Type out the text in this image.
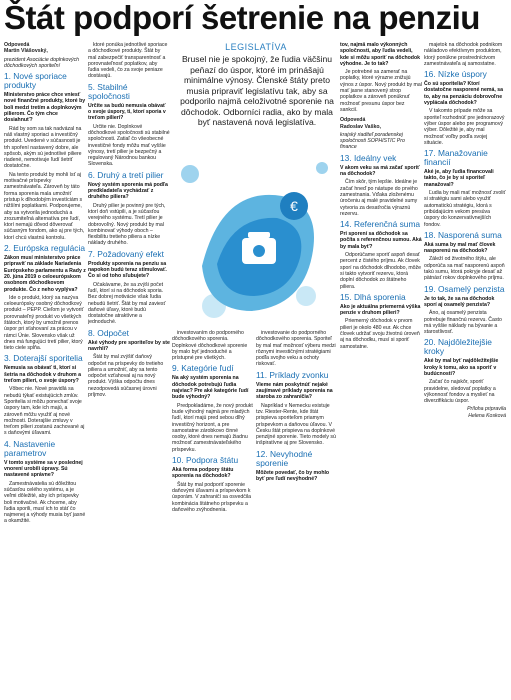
Štát podporí šetrenie na penziu

Odpovedá
Martin Vlášovský,

prezident Asociácie doplnkových dôchodkových sporiteľní

1. Nové sporiace produkty

Ministerstvo práce chce vniesť nové finančné produkty, ktoré by boli medzi tretím a doplnkovým pilierom. Čo tým chce dosiahnuť?

Rád by som sa tak nadvázal na náš vlastný sporiaci a investičný produkt. Uvedené v súčasnosti je trh spoření nastavený dobre, ale spôsob, akým sú jednotlivé piliere riadené, nemotivuje ľudí šetriť dostatočne.

Na tento produkt by mohli ísť aj motivačné príspevky zamestnávateľa. Zároveň by táto forma sporenia mala umožniť prístup k dlhodobým investíciám s nižšími poplatkami. Podporujeme, aby sa vytvorila jednoduchá a zrozumiteľná alternatíva pre ľudí, ktorí nemajú dôvod dôverovať súčasným fondom, ako aj pre tých, ktorí chcú vlastnú kontrolu.

2. Európska regulácia

Zákon musí ministerstvo práce pripraviť na základe Nariadenia Európskeho parlamentu a Rady z 20. júna 2019 o celoeurópskom osobnom dôchodkovom produkte. Čo z neho vyplýva?

Ide o produkt, ktorý sa nazýva celoeurópsky osobný dôchodkový produkt – PEPP. Cieľom je vytvoriť porovnateľný produkt vo všetkých štátoch, ktorý by umožnil prenos úspor pri sťahovaní za prácou v rámci Únie. Slovensko však už dnes má fungujúci tretí pilier, ktorý tieto ciele spĺňa.

3. Doterajší sporitelia

Nemusia sa obávať ti, ktorí si šetria na dôchodok v druhom a treťom pilieri, o svoje úspory?

Vôbec nie. Nové pravidlá sa nebudú týkať existujúcich zmlúv. Sporitelia si môžu ponechať svoje úspory tam, kde ich majú, a zároveň môžu využiť aj nové možnosti. Doterajšie zmluvy v treťom pilieri zostanú zachované aj s daňovými úľavami.

4. Nastavenie parametrov

V tomto systéme sa v poslednej vnorení urobili úpravy. Sú nastavené správne?

Zamestnávatelia sú dôležitou súčasťou celého systému, a je veľmi dôležité, aby ich príspevky boli motivačné. Ak chceme, aby ľudia sporili, musí ich to stáť čo najmenej a výhody musia byť jasné a okamžité.

ktoré ponúka jednotlivé sporiace a dôchodkové produkty. Štát by mal zabezpečiť transparentnosť a porovnateľnosť poplatkov, aby ľudia vedeli, čo za svoje peniaze dostávajú.

5. Stabilné spoločnosti

Určite sa budú nemusia obávať o svoje úspory, ti, ktorí sporia v treťom pilieri?

Určite nie. Doplnkové dôchodkové spoločnosti sú stabilné spoločnosti. Zatiaľ čo všeobecné investičné fondy môžu mať vyššie výnosy, tretí pilier je bezpečný a regulovaný Národnou bankou Slovenska.

6. Druhý a tretí pilier

Nový systém sporenia má podľa predkladateľa vychádzať z druhého piliera?

Druhý pilier je povinný pre tých, ktorí doň vstúpili, a je súčasťou verejného systému. Tretí pilier je dobrovoľný. Nový produkt by mal kombinovať výhody oboch – flexibilitu tretieho piliera a nízke náklady druhého.

7. Požadovaný efekt

Produkty sporenia na penziu sa napokon budú teraz stimulovať. Čo si od toho sľubujete?

Očakávame, že sa zvýši počet ľudí, ktorí si na dôchodok sporia. Bez dobrej motivácie však ľudia nebudú šetriť. Štát by mal zaviesť daňové úľavy, ktoré budú dostatočne atraktívne a jednoduché.

8. Odpočet

Aké výhody pre sporiteľov by ste navrhli?

Štát by mal zvýšiť daňový odpočet na príspevky do tretieho piliera a umožniť, aby sa tento odpočet vzťahoval aj na nový produkt. Výška odpočtu dnes nezodpovedá súčasnej úrovni príjmov.

LEGISLATÍVA
Brusel nie je spokojný, že ľudia väčšinu peňazí do úspor, ktoré im prinášajú minimálne výnosy. Členské štáty preto musia pripraviť legislatívu tak, aby sa podporilo najmä celoživotné sporenie na dôchodok. Odborníci radia, ako by mala byť nastavená nová legislatíva.
€

investovaním do podporného dôchodkového sporenia. Doplnkové dôchodkové sporenie by malo byť jednoduché a prístupné pre všetkých.

9. Kategórie ľudí

Na aký systém sporenia na dôchodok potrebujú ľudia najviac? Pre aké kategórie ľudí bude výhodný?

Predpokladáme, že nový produkt bude výhodný najmä pre mladých ľudí, ktorí majú pred sebou dlhý investičný horizont, a pre samostatne zárobkovo činné osoby, ktoré dnes nemajú žiadnu možnosť zamestnávateľského príspevku.

10. Podpora štátu

Aká forma podpory štátu sporenia na dôchodok?

Štát by mal podporiť sporenie daňovými úľavami a príspevkom k úsporám. V zahraničí sa osvedčila kombinácia štátneho príspevku a daňového zvýhodnenia.

investovanie do podporného dôchodkového sporenia. Sporiteľ by mal mať možnosť výberu medzi rôznymi investičnými stratégiami podľa svojho veku a ochoty riskovať.

11. Príklady zvonku

Vieme nám poskytnúť nejaké zaujímavé príklady sporenia na staroba zo zahraničia?

Napríklad v Nemecku existuje tzv. Riester-Rente, kde štát prispieva sporiteľom priamym príspevkom a daňovou úľavou. V Česku štát prispieva na doplnkové penzijné sporenie. Tieto modely sú inšpiratívne aj pre Slovensko.

12. Nevyhodné sporenie

Môžete povedať, čo by mohlo byť pre ľudí nevýhodné?

tov, najmä malo výkonných spoločností, aby ľudia vedeli, kde si môžu sporiť na dôchodok výhodne. Je to tak?

Je potrebné sa zamerať na poplatky, ktoré výrazne znižujú výnos z úspor. Nový produkt by mal mať jasne stanovený strop poplatkov a zároveň ponúknuť možnosť presunu úspor bez sankcií.

Odpovedá
Radoslav Vaško,

krajský riaditeľ poradenskej spoločnosti SOPHISTIC Pro finance

13. Ideálny vek

V akom veku sa má začať sporiť na dôchodok?

Čím skôr, tým lepšie. Ideálne je začať hneď po nástupe do prvého zamestnania. Vďaka zloženému úročeniu aj malé pravidelné sumy vytvoria za desaťročia výraznú rezervu.

14. Referenčná suma

Pri sporení sa dôchodok sa počíta s referenčnou sumou. Aká by mala byť?

Odporúčame sporiť aspoň desať percent z čistého príjmu. Ak človek sporí na dôchodok dlhodobo, môže si takto vytvoriť rezervu, ktorá doplní dôchodok zo štátneho piliera.

15. Dlhá sporenia

Ako je aktuálna priemerná výška penzie v druhom pilieri?

Priemerný dôchodok v prvom pilieri je okolo 480 eur. Ak chce človek udržať svoju životnú úroveň aj na dôchodku, musí si sporiť samostatne.

majetok na dôchodok podnikom nákladovo efektívnym produktom, ktorý ponúkne prostredníctvom zamestnávateľa aj samostatne.

16. Nízke úspory

Čo sú sporitelia? Ktorí dostatočne nasporené nemá, sa to, aby na penzáciu dobrovoľne vyplácala dôchodok?

V takomto prípade môže sa sporiteľ rozhodnúť pre jednorazový výber úspor alebo pre programový výber. Dôležité je, aby mal možnosť voľby podľa svojej situácie.

17. Manažovanie financií

Aké je, aby ľudia financovali takto, čo je by si sporiteľ manažoval?

Ľudia by mali mať možnosť zvoliť si stratégiu sami alebo využiť automatickú stratégiu, ktorá s pribúdajúcim vekom presúva úspory do konzervatívnejších fondov.

18. Nasporená suma

Aká suma by mal mať človek nasporenú na dôchodok?

Záleží od životného štýlu, ale odporúča sa mať nasporenú aspoň takú sumu, ktorá pokryje desať až pätnásť rokov doplnkového príjmu.

19. Osamelý penzista

Je to tak, že sa na dôchodok sporí aj osamelý penzista?

Áno, aj osamelý penzista potrebuje finančnú rezervu. Často má vyššie náklady na bývanie a starostlivosť.

20. Najdôležitejšie kroky

Aké by mal byť najdôležitejšie kroky k tomu, ako sa sporiť v budúcnosti?

Začať čo najskôr, sporiť pravidelne, sledovať poplatky a výkonnosť fondov a myslieť na diverzifikáciu úspor.

Príloha pripravila
Helena Kosková
